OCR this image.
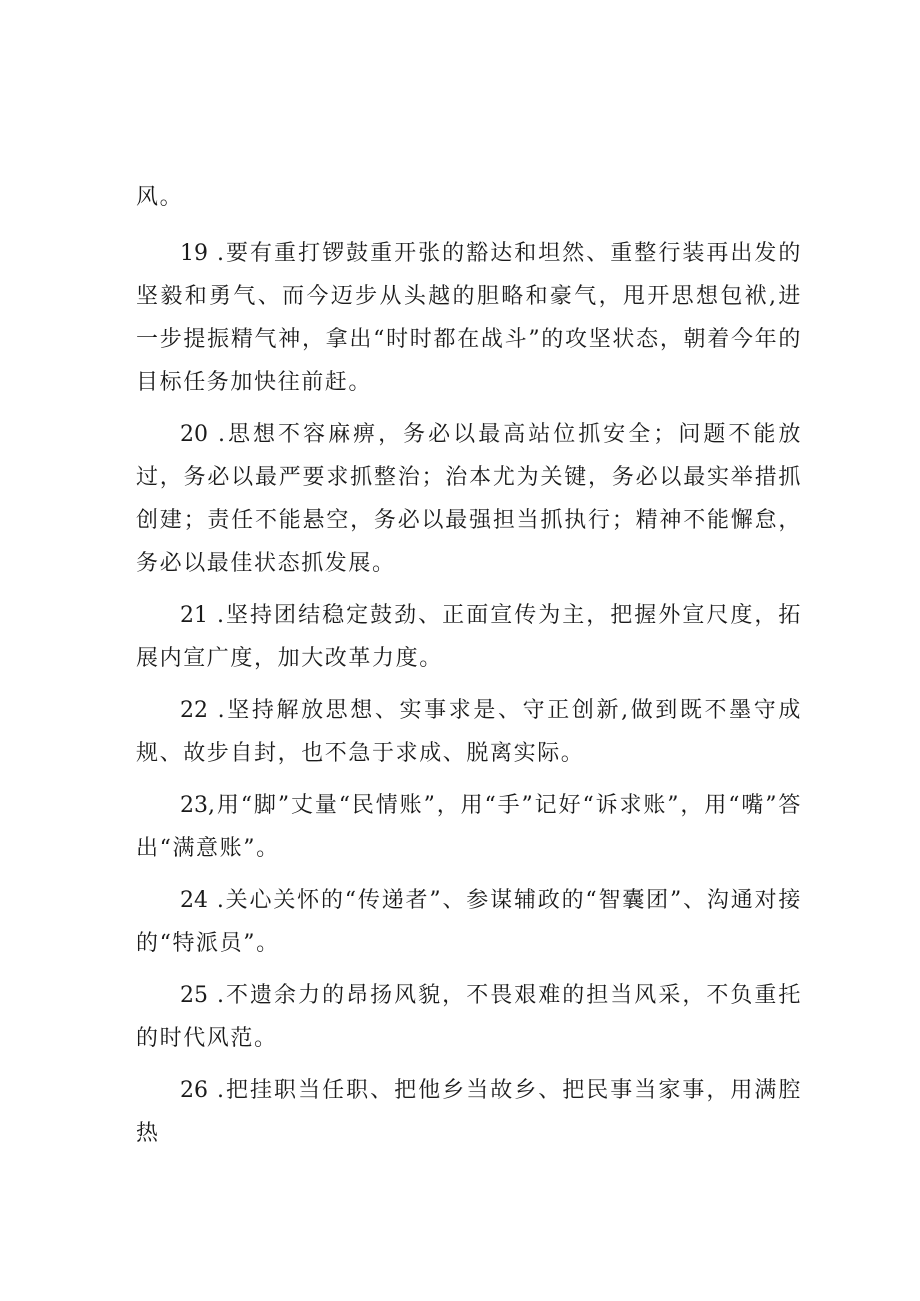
风。

19 .要有重打锣鼓重开张的豁达和坦然、重整行装再出发的坚毅和勇气、而今迈步从头越的胆略和豪气，甩开思想包袱,进一步提振精气神，拿出“时时都在战斗”的攻坚状态，朝着今年的目标任务加快往前赶。

20 .思想不容麻痹，务必以最高站位抓安全；问题不能放过，务必以最严要求抓整治；治本尤为关键，务必以最实举措抓创建；责任不能悬空，务必以最强担当抓执行；精神不能懈怠，务必以最佳状态抓发展。

21 .坚持团结稳定鼓劲、正面宣传为主，把握外宣尺度，拓展内宣广度，加大改革力度。

22 .坚持解放思想、实事求是、守正创新,做到既不墨守成规、故步自封，也不急于求成、脱离实际。

23,用“脚”丈量“民情账”，用“手”记好“诉求账”，用“嘴”答出“满意账”。

24 .关心关怀的“传递者”、参谋辅政的“智囊团”、沟通对接的“特派员”。

25 .不遗余力的昂扬风貌，不畏艰难的担当风采，不负重托的时代风范。

26 .把挂职当任职、把他乡当故乡、把民事当家事，用满腔热
